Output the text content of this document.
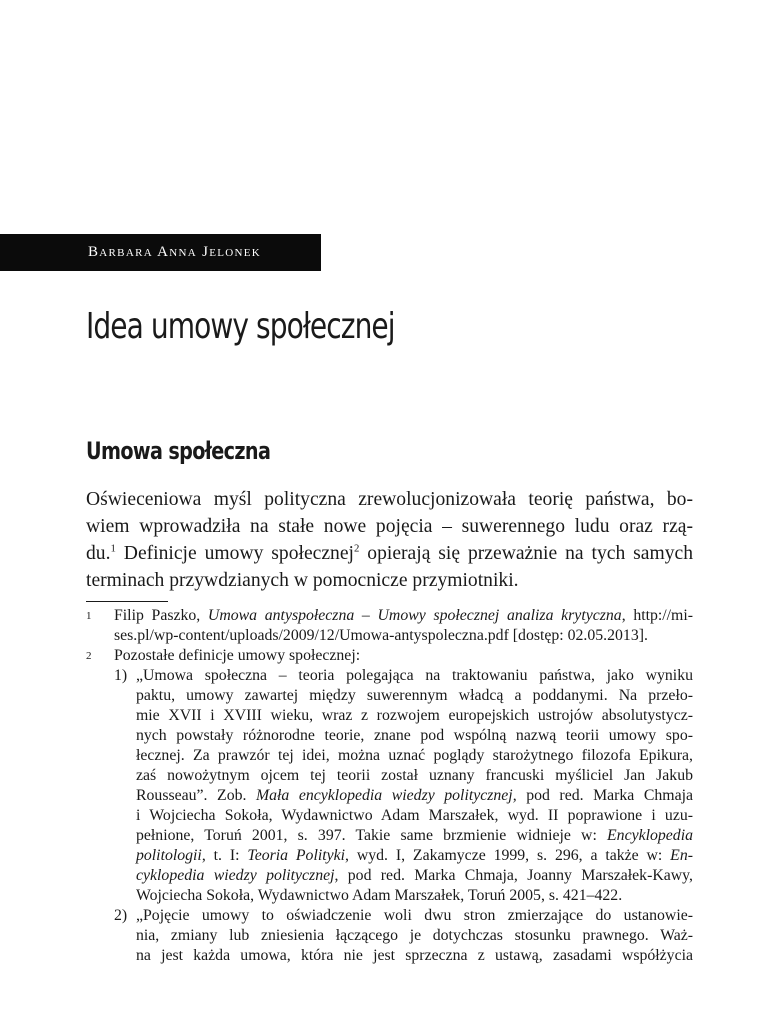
Barbara Anna Jelonek
Idea umowy społecznej
Umowa społeczna
Oświeceniowa myśl polityczna zrewolucjonizowała teorię państwa, bo-
wiem wprowadziła na stałe nowe pojęcia – suwerennego ludu oraz rzą-
du.$^1$ Definicje umowy społecznej$^2$ opierają się przeważnie na tych samych
terminach przywdzianych w pomocnicze przymiotniki.
1 Filip Paszko, Umowa antyspołeczna – Umowy społecznej analiza krytyczna, http://mi-
ses.pl/wp-content/uploads/2009/12/Umowa-antyspoleczna.pdf [dostęp: 02.05.2013].
2 Pozostałe definicje umowy społecznej:
1) „Umowa społeczna – teoria polegająca na traktowaniu państwa, jako wyniku
paktu, umowy zawartej między suwerennym władcą a poddanymi. Na przeło-
mie XVII i XVIII wieku, wraz z rozwojem europejskich ustrojów absolutystycz-
nych powstały różnorodne teorie, znane pod wspólną nazwą teorii umowy spo-
łecznej. Za prawzór tej idei, można uznać poglądy starożytnego filozofa Epikura,
zaś nowożytnym ojcem tej teorii został uznany francuski myśliciel Jan Jakub
Rousseau”. Zob. Mała encyklopedia wiedzy politycznej, pod red. Marka Chmaja
i Wojciecha Sokoła, Wydawnictwo Adam Marszałek, wyd. II poprawione i uzu-
pełnione, Toruń 2001, s. 397. Takie same brzmienie widnieje w: Encyklopedia
politologii, t. I: Teoria Polityki, wyd. I, Zakamycze 1999, s. 296, a także w: En-
cyklopedia wiedzy politycznej, pod red. Marka Chmaja, Joanny Marszałek-Kawy,
Wojciecha Sokoła, Wydawnictwo Adam Marszałek, Toruń 2005, s. 421–422.
2) „Pojęcie umowy to oświadczenie woli dwu stron zmierzające do ustanowie-
nia, zmiany lub zniesienia łączącego je dotychczas stosunku prawnego. Waż-
na jest każda umowa, która nie jest sprzeczna z ustawą, zasadami współżycia
